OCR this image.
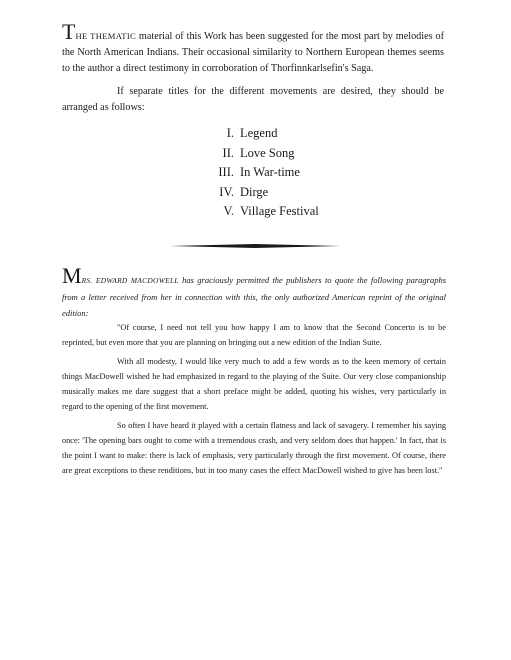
THE THEMATIC material of this Work has been suggested for the most part by melodies of the North American Indians. Their occasional similarity to Northern European themes seems to the author a direct testimony in corroboration of Thorfinnkarlsefin's Saga.

If separate titles for the different movements are desired, they should be arranged as follows:

I. Legend
II. Love Song
III. In War-time
IV. Dirge
V. Village Festival

MRS. EDWARD MACDOWELL has graciously permitted the publishers to quote the following paragraphs from a letter received from her in connection with this, the only authorized American reprint of the original edition:

"Of course, I need not tell you how happy I am to know that the Second Concerto is to be reprinted, but even more that you are planning on bringing out a new edition of the Indian Suite.

With all modesty, I would like very much to add a few words as to the keen memory of certain things MacDowell wished he had emphasized in regard to the playing of the Suite. Our very close companionship musically makes me dare suggest that a short preface might be added, quoting his wishes, very particularly in regard to the opening of the first movement.

So often I have heard it played with a certain flatness and lack of savagery. I remember his saying once: 'The opening bars ought to come with a tremendous crash, and very seldom does that happen.' In fact, that is the point I want to make: there is lack of emphasis, very particularly through the first movement. Of course, there are great exceptions to these renditions, but in too many cases the effect MacDowell wished to give has been lost."
